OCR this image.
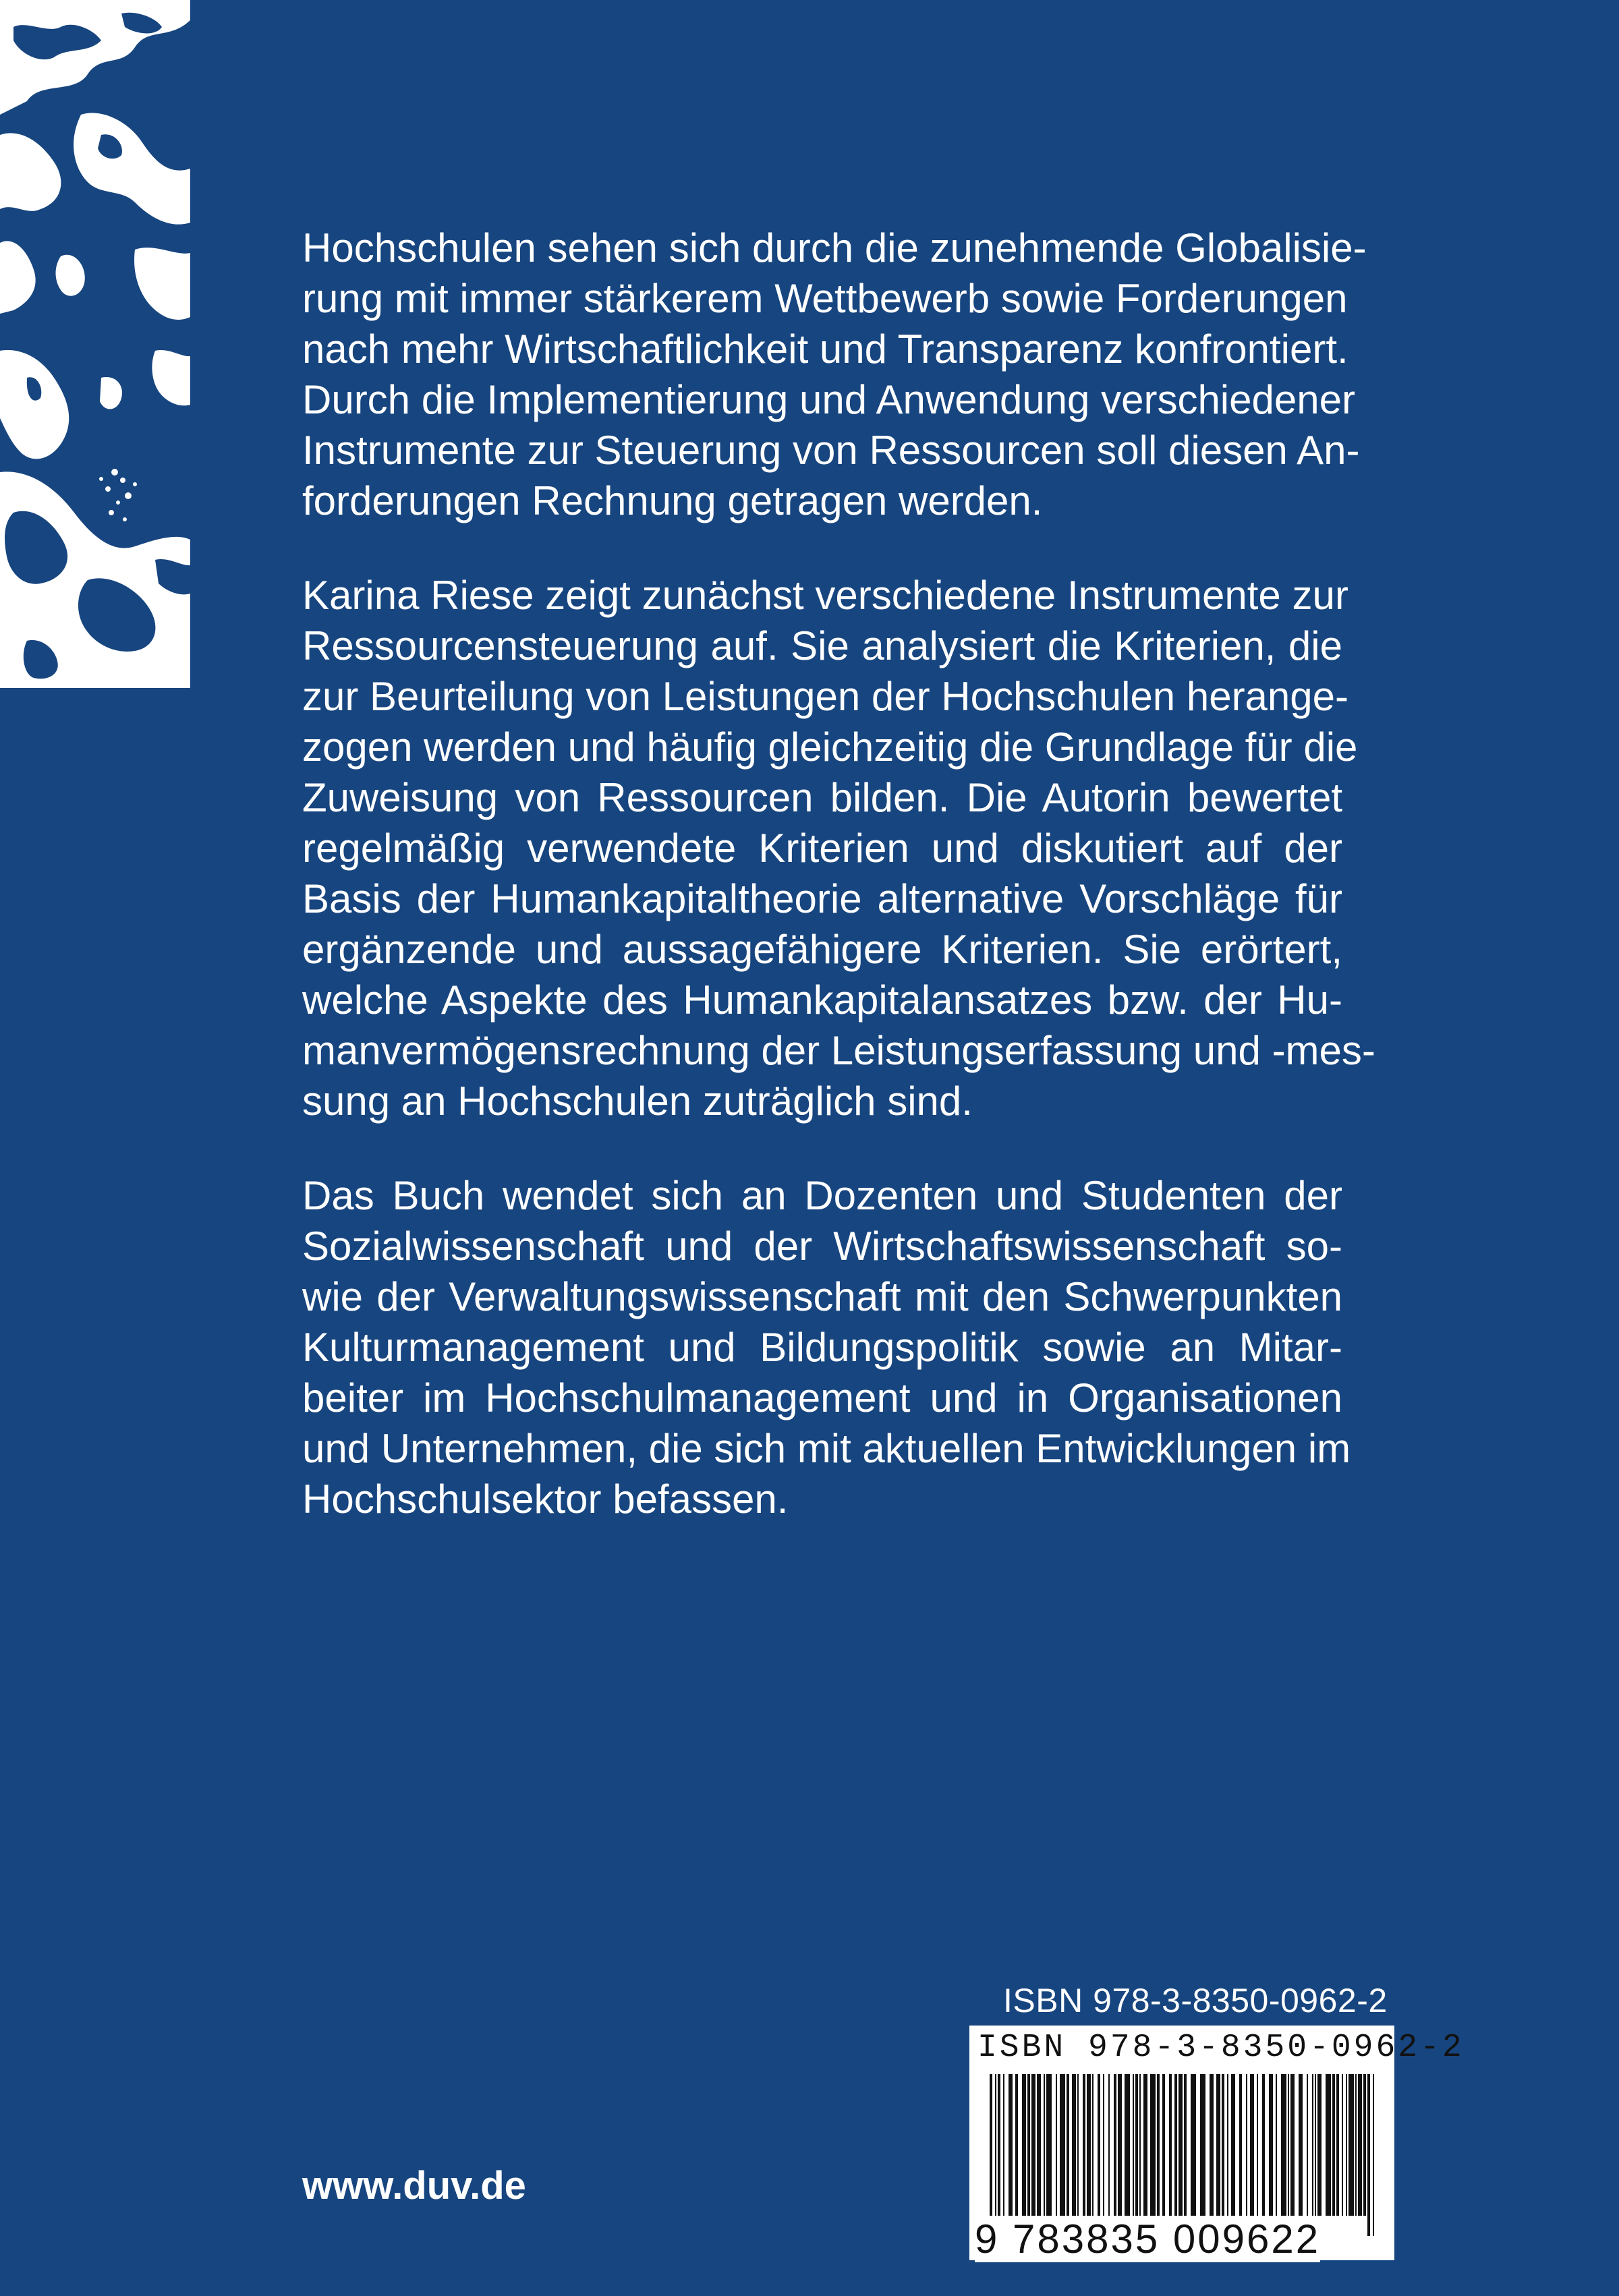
Hochschulen sehen sich durch die zunehmende Globalisie-
rung mit immer stärkerem Wettbewerb sowie Forderungen
nach mehr Wirtschaftlichkeit und Transparenz konfrontiert.
Durch die Implementierung und Anwendung verschiedener
Instrumente zur Steuerung von Ressourcen soll diesen An-
forderungen Rechnung getragen werden.

Karina Riese zeigt zunächst verschiedene Instrumente zur
Ressourcensteuerung auf. Sie analysiert die Kriterien, die
zur Beurteilung von Leistungen der Hochschulen herange-
zogen werden und häufig gleichzeitig die Grundlage für die
Zuweisung von Ressourcen bilden. Die Autorin bewertet
regelmäßig verwendete Kriterien und diskutiert auf der
Basis der Humankapitaltheorie alternative Vorschläge für
ergänzende und aussagefähigere Kriterien. Sie erörtert,
welche Aspekte des Humankapitalansatzes bzw. der Hu-
manvermögensrechnung der Leistungserfassung und -mes-
sung an Hochschulen zuträglich sind.

Das Buch wendet sich an Dozenten und Studenten der
Sozialwissenschaft und der Wirtschaftswissenschaft so-
wie der Verwaltungswissenschaft mit den Schwerpunkten
Kulturmanagement und Bildungspolitik sowie an Mitar-
beiter im Hochschulmanagement und in Organisationen
und Unternehmen, die sich mit aktuellen Entwicklungen im
Hochschulsektor befassen.

www.duv.de
ISBN 978-3-8350-0962-2
ISBN 978-3-8350-0962-2
9 783835 009622
